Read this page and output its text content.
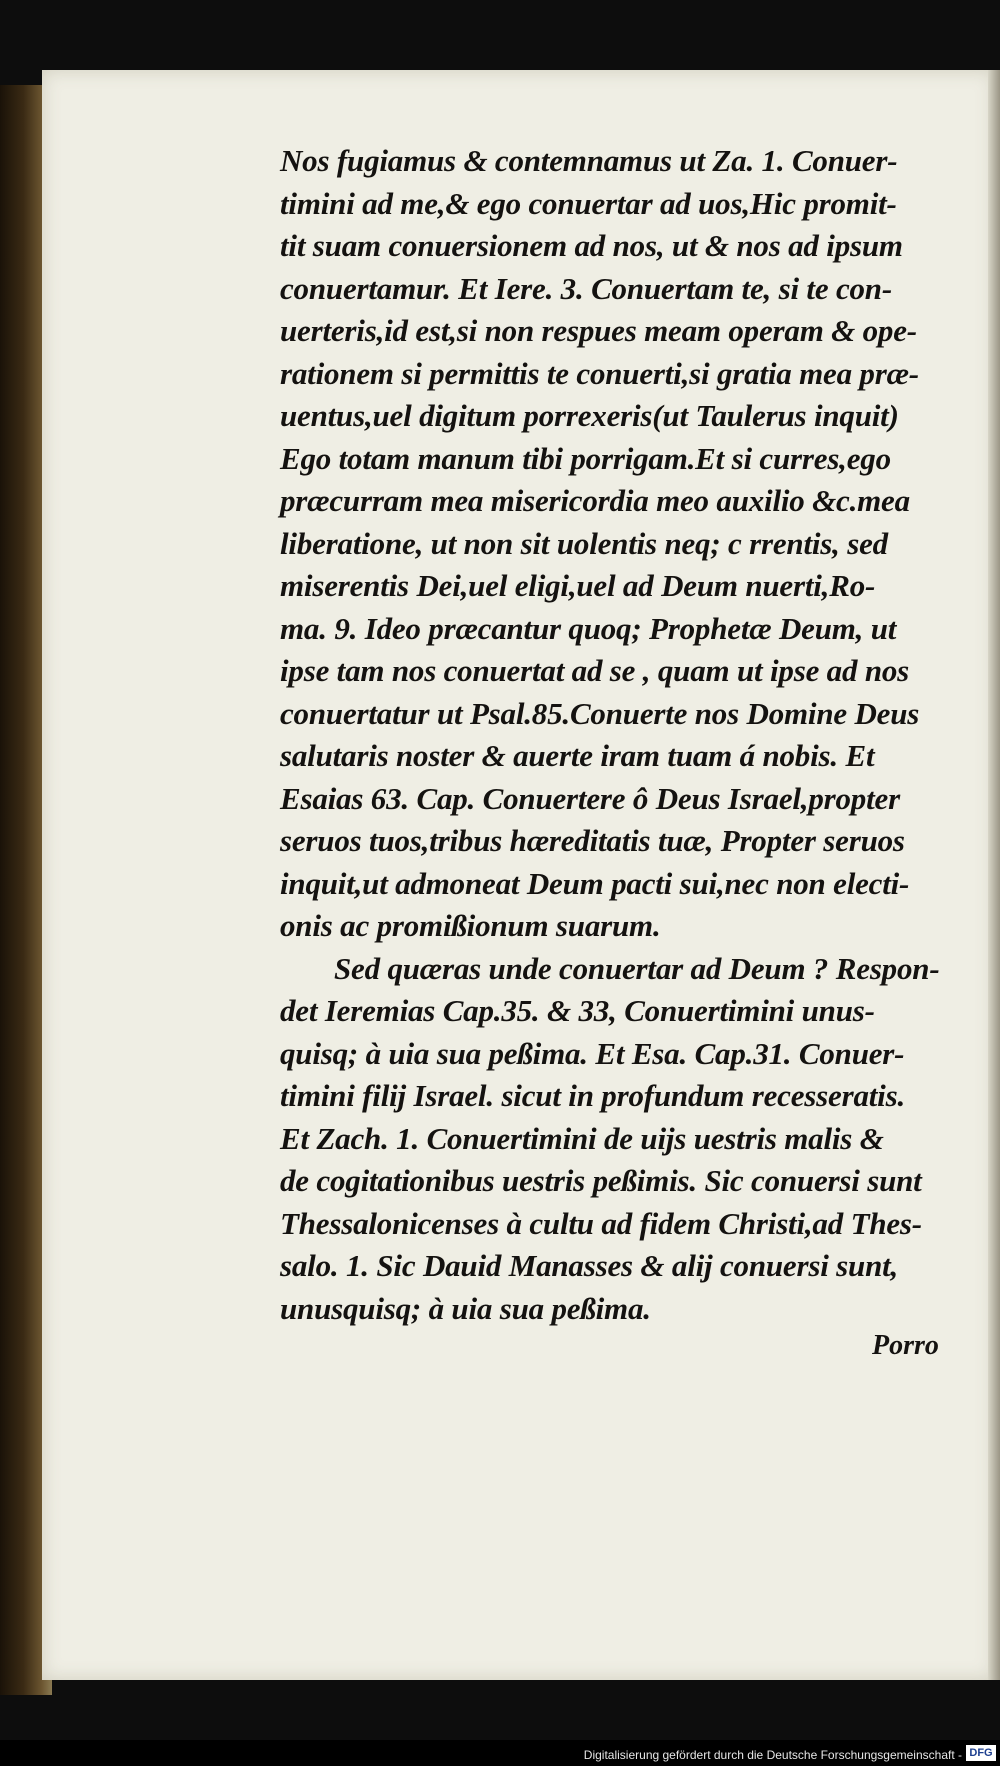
Nos fugiamus & contemnamus ut Za. 1. Conuer-
timini ad me,& ego conuertar ad uos,Hic promit-
tit suam conuersionem ad nos, ut & nos ad ipsum
conuertamur. Et Iere. 3. Conuertam te, si te con-
uerteris,id est,si non respues meam operam & ope-
rationem si permittis te conuerti,si gratia mea præ-
uentus,uel digitum porrexeris(ut Taulerus inquit)
Ego totam manum tibi porrigam.Et si curres,ego
præcurram mea misericordia meo auxilio &c.mea
liberatione, ut non sit uolentis neq; c rrentis, sed
miserentis Dei,uel eligi,uel ad Deum nuerti,Ro-
ma. 9. Ideo præcantur quoq; Prophetæ Deum, ut
ipse tam nos conuertat ad se , quam ut ipse ad nos
conuertatur ut Psal.85.Conuerte nos Domine Deus
salutaris noster & auerte iram tuam á nobis. Et
Esaias 63. Cap. Conuertere ô Deus Israel,propter
seruos tuos,tribus hæreditatis tuæ, Propter seruos
inquit,ut admoneat Deum pacti sui,nec non electi-
onis ac promißionum suarum.
Sed quæras unde conuertar ad Deum ? Respon-
det Ieremias Cap.35. & 33, Conuertimini unus-
quisq; à uia sua peßima. Et Esa. Cap.31. Conuer-
timini filij Israel. sicut in profundum recesseratis.
Et Zach. 1. Conuertimini de uijs uestris malis &
de cogitationibus uestris peßimis. Sic conuersi sunt
Thessalonicenses à cultu ad fidem Christi,ad Thes-
salo. 1. Sic Dauid Manasses & alij conuersi sunt,
unusquisq; à uia sua peßima.
Porro
Digitalisierung gefördert durch die Deutsche Forschungsgemeinschaft - DFG
